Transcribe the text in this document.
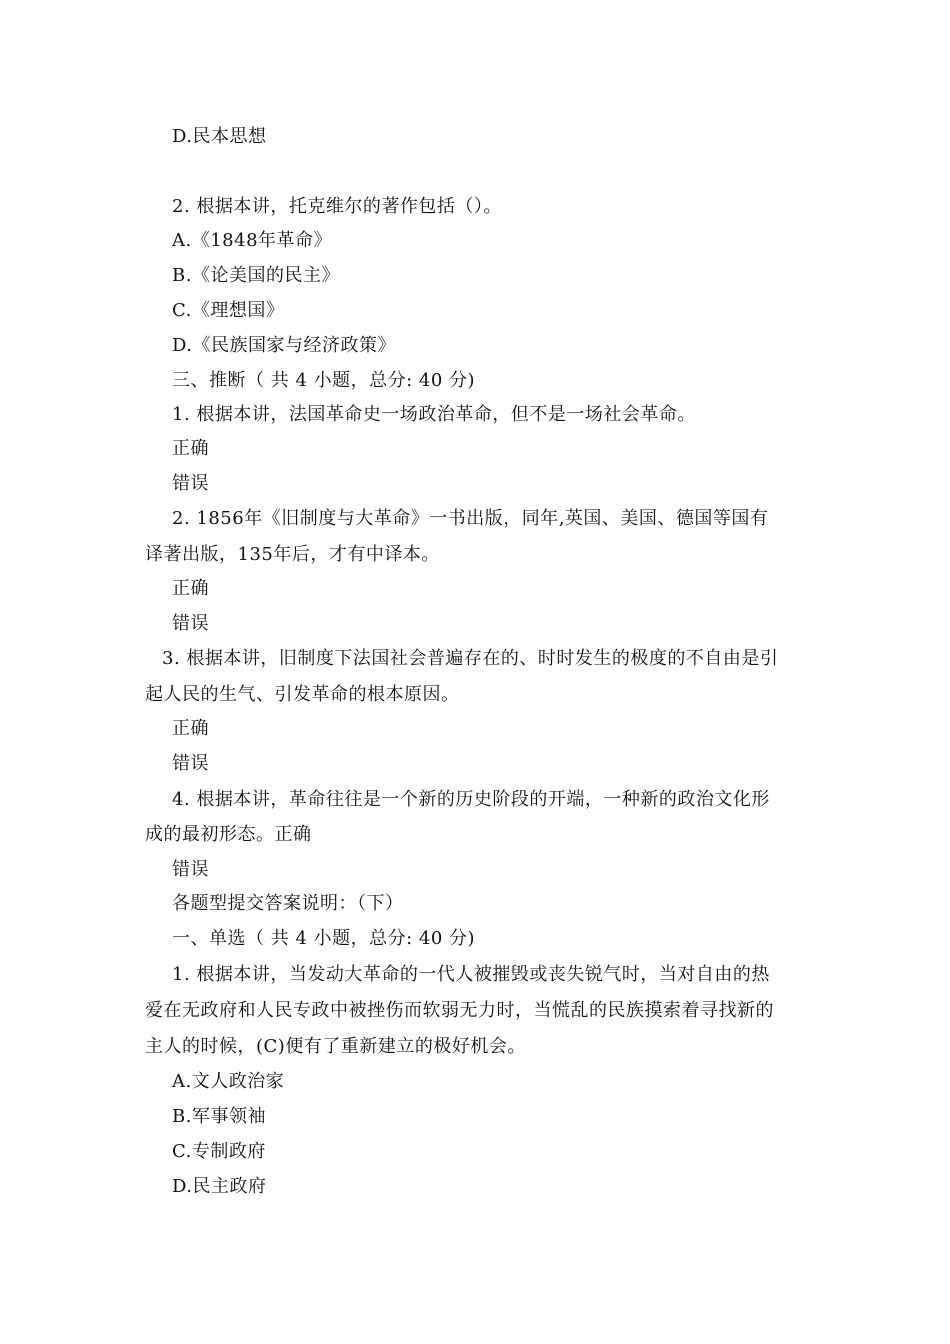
D.民本思想
2. 根据本讲，托克维尔的著作包括（）。
A.《1848年革命》
B.《论美国的民主》
C.《理想国》
D.《民族国家与经济政策》
三、推断（ 共 4 小题，总分: 40 分)
1. 根据本讲，法国革命史一场政治革命，但不是一场社会革命。
正确
错误
2. 1856年《旧制度与大革命》一书出版，同年,英国、美国、德国等国有
译著出版，135年后，才有中译本。
正确
错误
3. 根据本讲，旧制度下法国社会普遍存在的、时时发生的极度的不自由是引
起人民的生气、引发革命的根本原因。
正确
错误
4. 根据本讲，革命往往是一个新的历史阶段的开端，一种新的政治文化形
成的最初形态。正确
错误
各题型提交答案说明：（下）
一、单选（ 共 4 小题，总分: 40 分)
1. 根据本讲，当发动大革命的一代人被摧毁或丧失锐气时，当对自由的热
爱在无政府和人民专政中被挫伤而软弱无力时，当慌乱的民族摸索着寻找新的
主人的时候，(C)便有了重新建立的极好机会。
A.文人政治家
B.军事领袖
C.专制政府
D.民主政府
